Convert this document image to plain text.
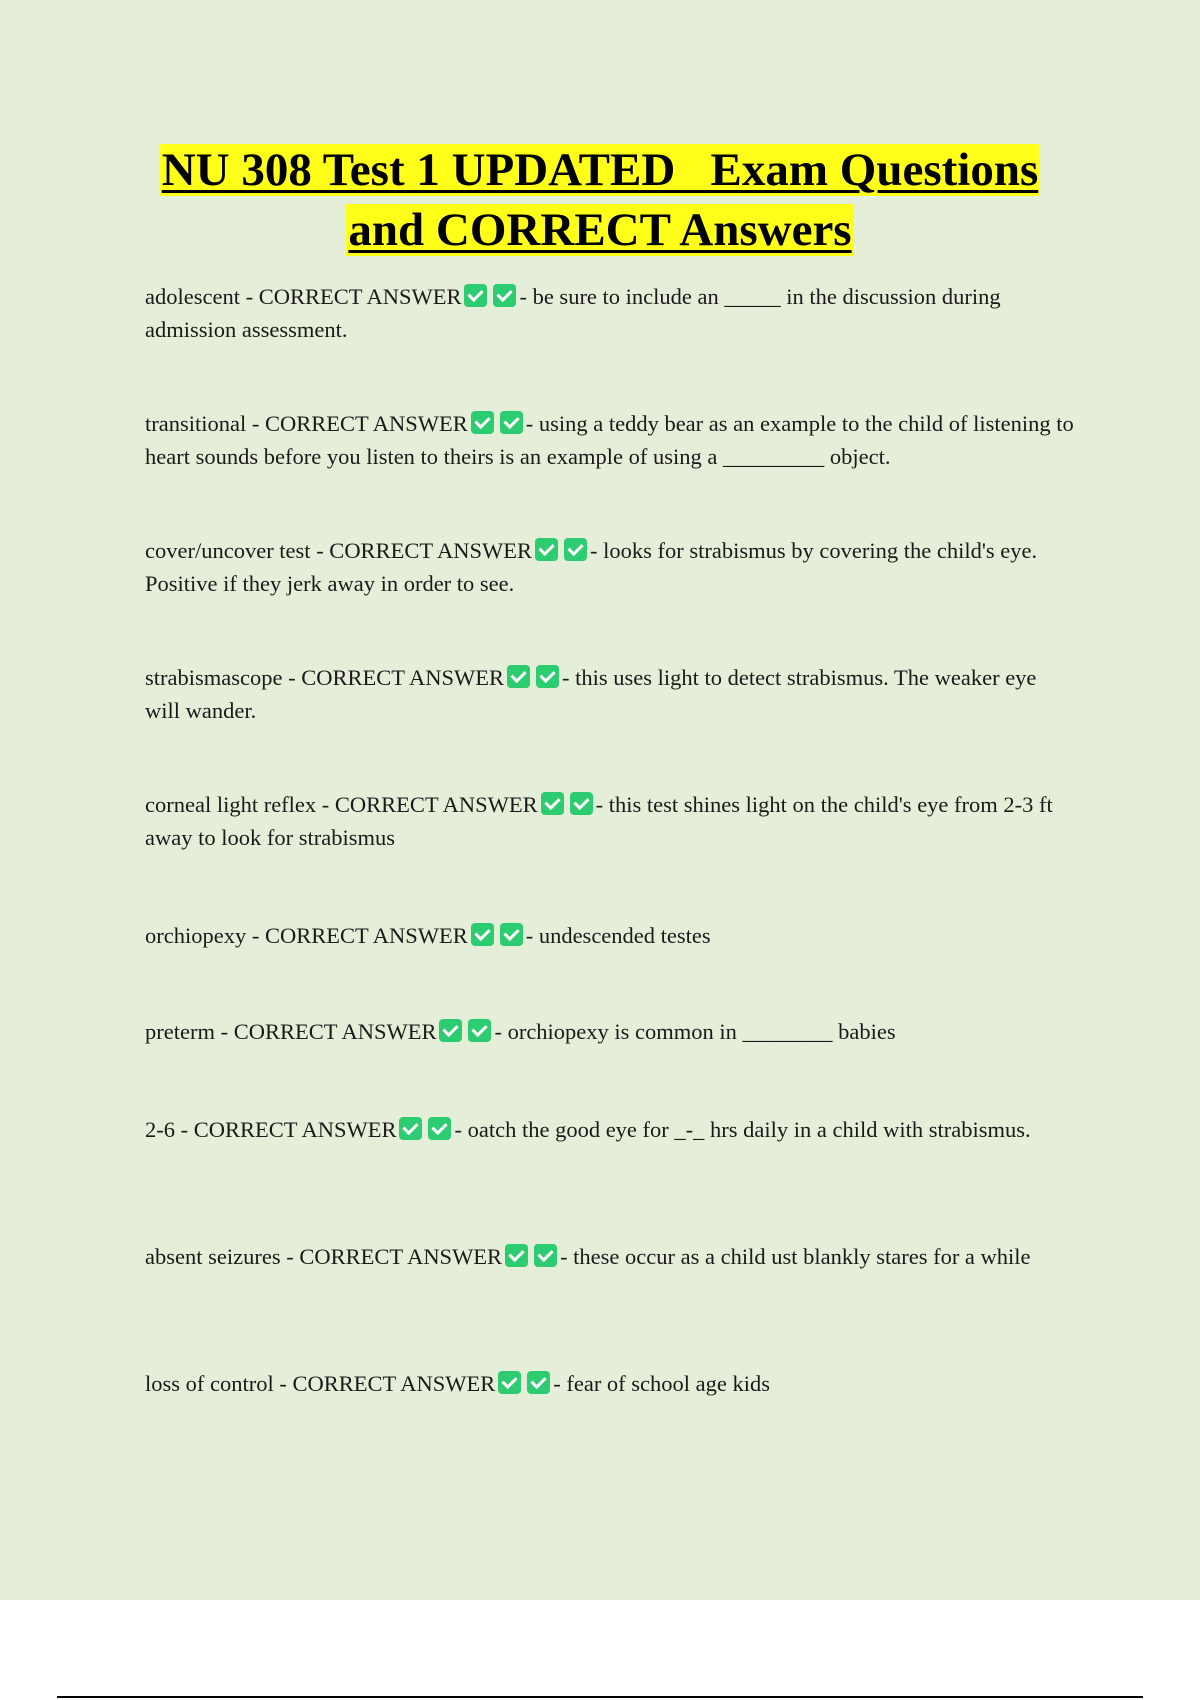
NU 308 Test 1 UPDATED   Exam Questions
and CORRECT Answers

adolescent - CORRECT ANSWER	- be sure to include an _____ in the discussion during admission assessment.

transitional - CORRECT ANSWER	- using a teddy bear as an example to the child of listening to heart sounds before you listen to theirs is an example of using a _________ object.

cover/uncover test - CORRECT ANSWER	- looks for strabismus by covering the child's eye. Positive if they jerk away in order to see.

strabismascope - CORRECT ANSWER	- this uses light to detect strabismus. The weaker eye will wander.

corneal light reflex - CORRECT ANSWER	- this test shines light on the child's eye from 2-3 ft away to look for strabismus

orchiopexy - CORRECT ANSWER	- undescended testes

preterm - CORRECT ANSWER	- orchiopexy is common in ________ babies

2-6 - CORRECT ANSWER	- oatch the good eye for _-_ hrs daily in a child with strabismus.

absent seizures - CORRECT ANSWER	- these occur as a child ust blankly stares for a while

loss of control - CORRECT ANSWER	- fear of school age kids
